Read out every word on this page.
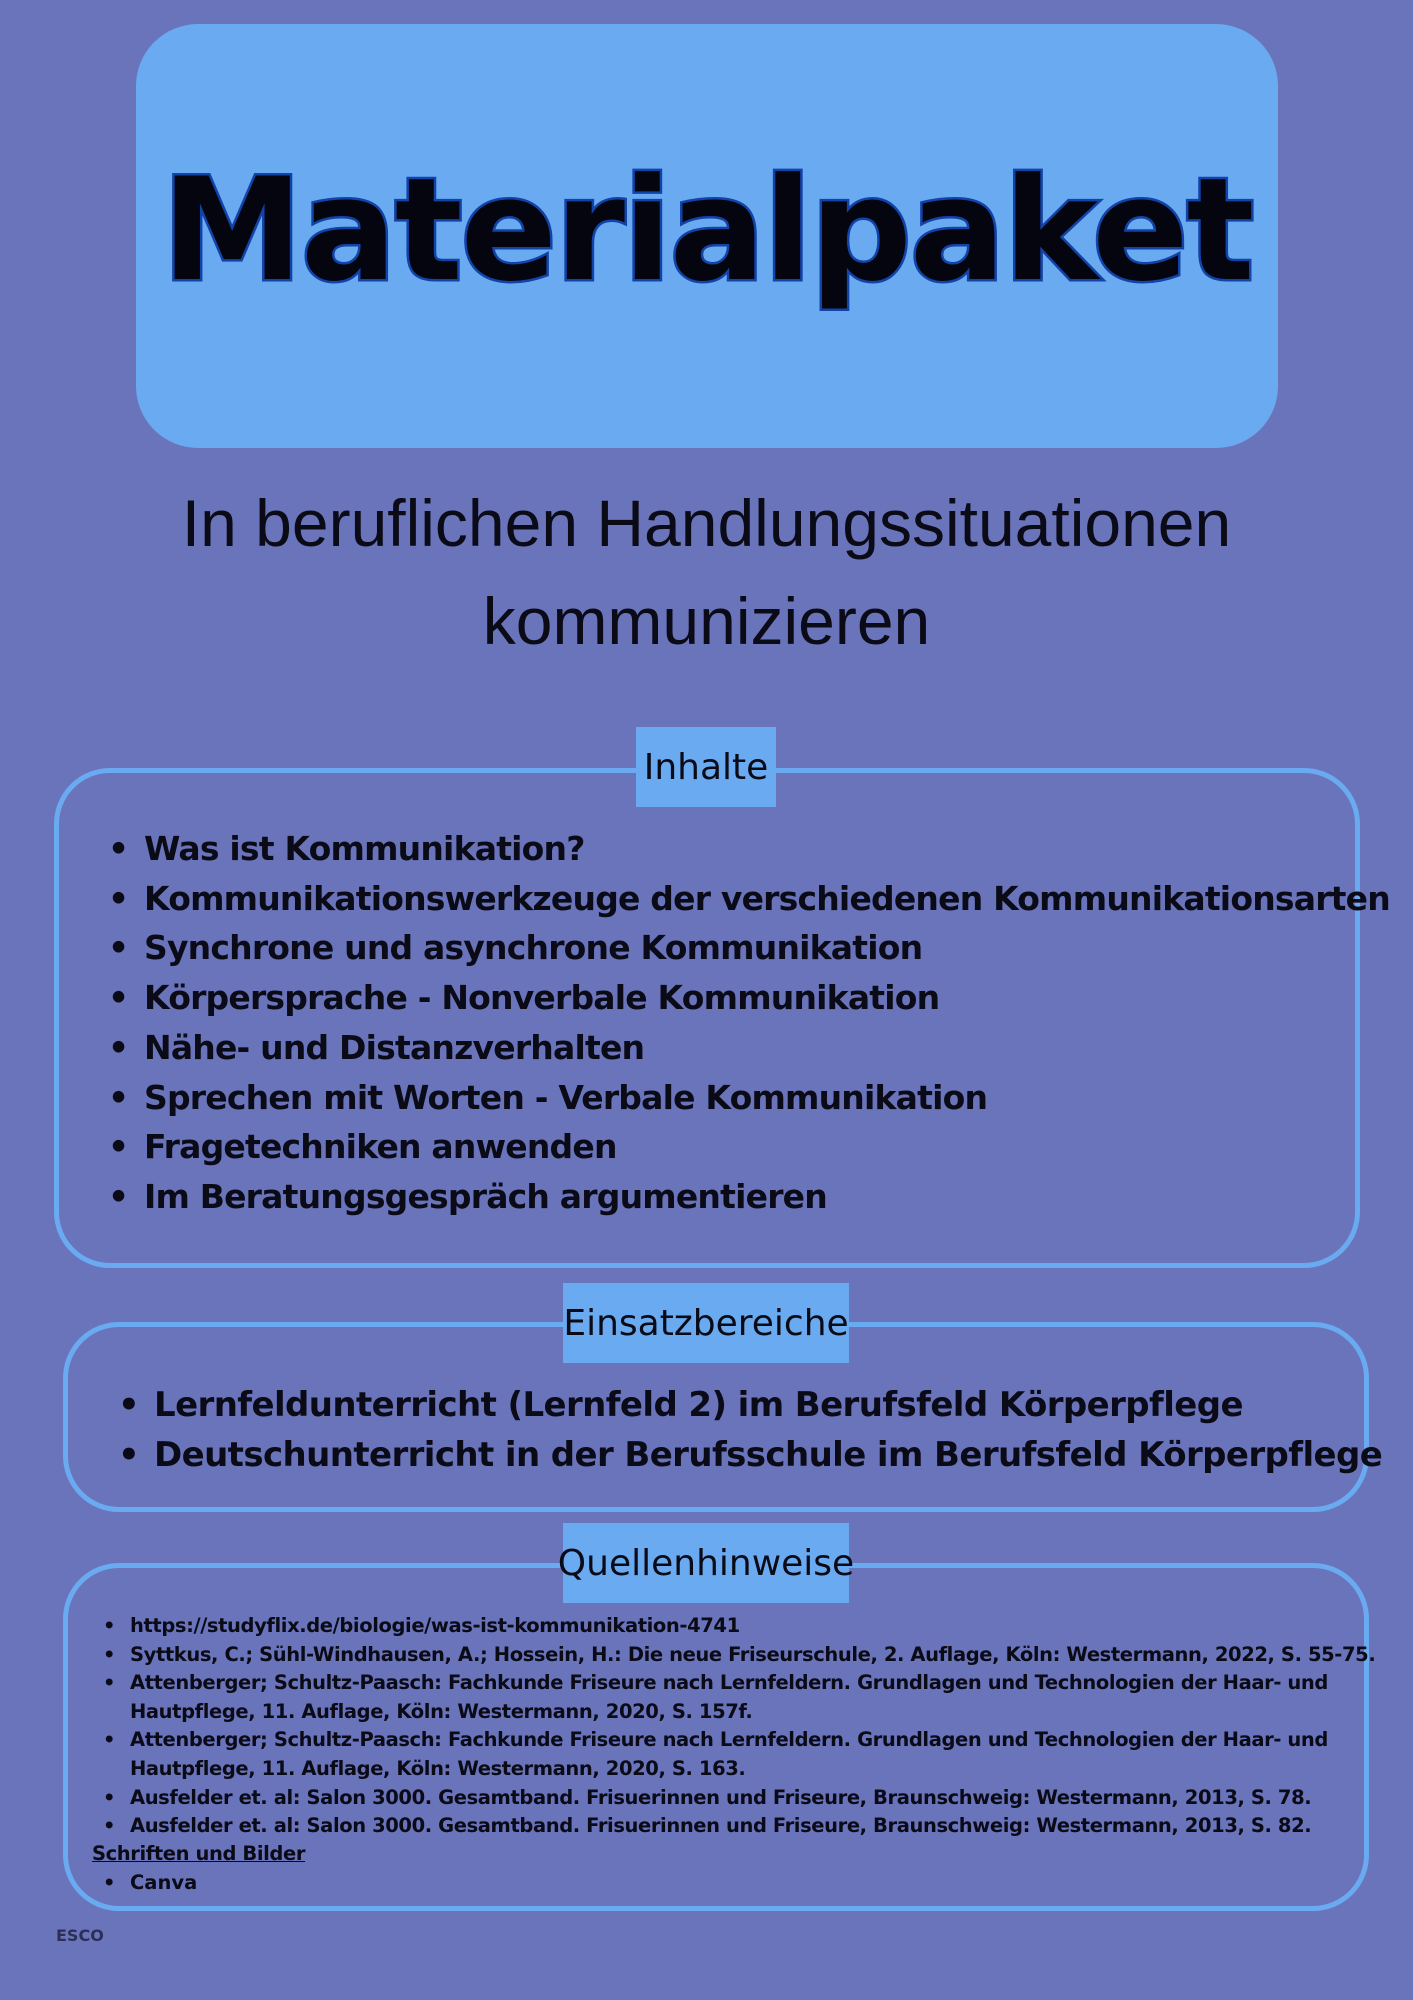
Materialpaket
In beruflichen Handlungssituationen
kommunizieren
Inhalte
• Was ist Kommunikation?
• Kommunikationswerkzeuge der verschiedenen Kommunikationsarten
• Synchrone und asynchrone Kommunikation
• Körpersprache - Nonverbale Kommunikation
• Nähe- und Distanzverhalten
• Sprechen mit Worten - Verbale Kommunikation
• Fragetechniken anwenden
• Im Beratungsgespräch argumentieren
Einsatzbereiche
• Lernfeldunterricht (Lernfeld 2) im Berufsfeld Körperpflege
• Deutschunterricht in der Berufsschule im Berufsfeld Körperpflege
Quellenhinweise
• https://studyflix.de/biologie/was-ist-kommunikation-4741
• Syttkus, C.; Sühl-Windhausen, A.; Hossein, H.: Die neue Friseurschule, 2. Auflage, Köln: Westermann, 2022, S. 55-75.
• Attenberger; Schultz-Paasch: Fachkunde Friseure nach Lernfeldern. Grundlagen und Technologien der Haar- und
Hautpflege, 11. Auflage, Köln: Westermann, 2020, S. 157f.
• Attenberger; Schultz-Paasch: Fachkunde Friseure nach Lernfeldern. Grundlagen und Technologien der Haar- und
Hautpflege, 11. Auflage, Köln: Westermann, 2020, S. 163.
• Ausfelder et. al: Salon 3000. Gesamtband. Frisuerinnen und Friseure, Braunschweig: Westermann, 2013, S. 78.
• Ausfelder et. al: Salon 3000. Gesamtband. Frisuerinnen und Friseure, Braunschweig: Westermann, 2013, S. 82.
Schriften und Bilder
• Canva
ESCO
